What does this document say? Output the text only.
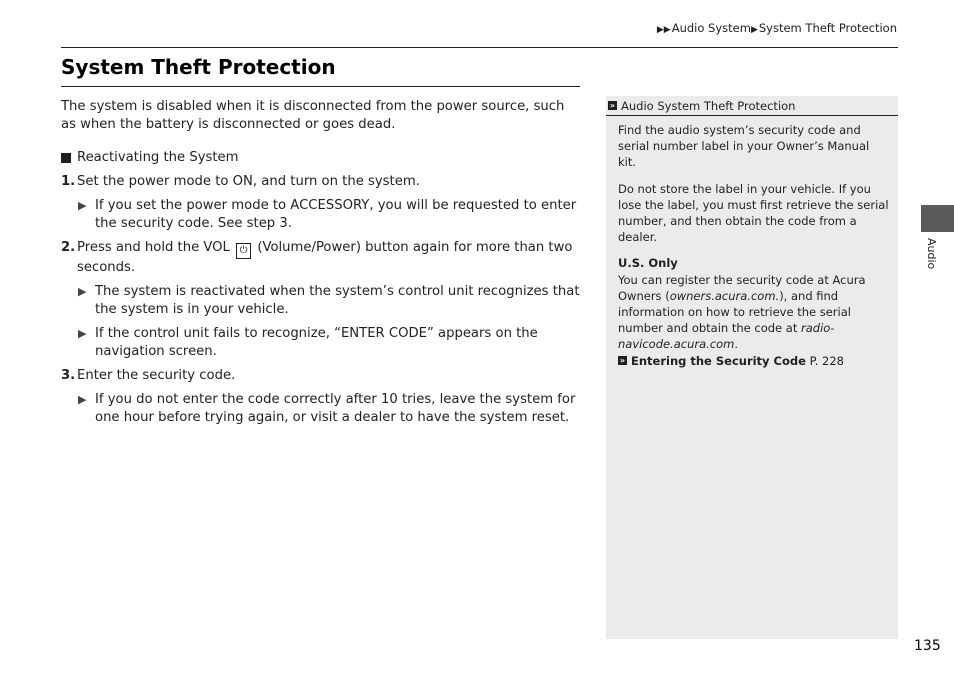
▶▶Audio System▶System Theft Protection
System Theft Protection

The system is disabled when it is disconnected from the power source, such as when the battery is disconnected or goes dead.

Reactivating the System
1. Set the power mode to ON, and turn on the system.
▶ If you set the power mode to ACCESSORY, you will be requested to enter the security code. See step 3.
2. Press and hold the VOL ⏻ (Volume/Power) button again for more than two seconds.
▶ The system is reactivated when the system’s control unit recognizes that the system is in your vehicle.
▶ If the control unit fails to recognize, “ENTER CODE” appears on the navigation screen.
3. Enter the security code.
▶ If you do not enter the code correctly after 10 tries, leave the system for one hour before trying again, or visit a dealer to have the system reset.
» Audio System Theft Protection

Find the audio system’s security code and serial number label in your Owner’s Manual kit.

Do not store the label in your vehicle. If you lose the label, you must first retrieve the serial number, and then obtain the code from a dealer.

U.S. Only
You can register the security code at Acura Owners (owners.acura.com.), and find information on how to retrieve the serial number and obtain the code at radio-navicode.acura.com.
» Entering the Security Code
P. 228
Audio
135
